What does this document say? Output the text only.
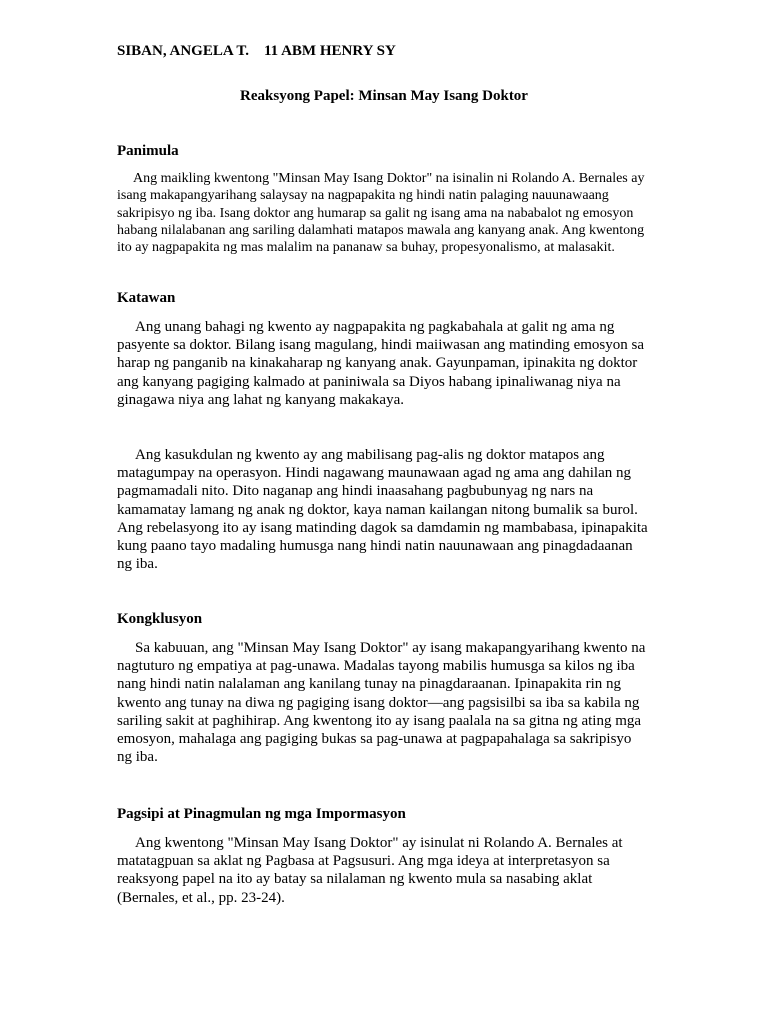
SIBAN, ANGELA T. 11 ABM HENRY SY
Reaksyong Papel: Minsan May Isang Doktor
Panimula
Ang maikling kwentong "Minsan May Isang Doktor" na isinalin ni Rolando A. Bernales ay isang makapangyarihang salaysay na nagpapakita ng hindi natin palaging nauunawaang sakripisyo ng iba. Isang doktor ang humarap sa galit ng isang ama na nababalot ng emosyon habang nilalabanan ang sariling dalamhati matapos mawala ang kanyang anak. Ang kwentong ito ay nagpapakita ng mas malalim na pananaw sa buhay, propesyonalismo, at malasakit.
Katawan
Ang unang bahagi ng kwento ay nagpapakita ng pagkabahala at galit ng ama ng pasyente sa doktor. Bilang isang magulang, hindi maiiwasan ang matinding emosyon sa harap ng panganib na kinakaharap ng kanyang anak. Gayunpaman, ipinakita ng doktor ang kanyang pagiging kalmado at paniniwala sa Diyos habang ipinaliwanag niya na ginagawa niya ang lahat ng kanyang makakaya.
Ang kasukdulan ng kwento ay ang mabilisang pag-alis ng doktor matapos ang matagumpay na operasyon. Hindi nagawang maunawaan agad ng ama ang dahilan ng pagmamadali nito. Dito naganap ang hindi inaasahang pagbubunyag ng nars na kamamatay lamang ng anak ng doktor, kaya naman kailangan nitong bumalik sa burol. Ang rebelasyong ito ay isang matinding dagok sa damdamin ng mambabasa, ipinapakita kung paano tayo madaling humusga nang hindi natin nauunawaan ang pinagdadaanan ng iba.
Kongklusyon
Sa kabuuan, ang "Minsan May Isang Doktor" ay isang makapangyarihang kwento na nagtuturo ng empatiya at pag-unawa. Madalas tayong mabilis humusga sa kilos ng iba nang hindi natin nalalaman ang kanilang tunay na pinagdaraanan. Ipinapakita rin ng kwento ang tunay na diwa ng pagiging isang doktor—ang pagsisilbi sa iba sa kabila ng sariling sakit at paghihirap. Ang kwentong ito ay isang paalala na sa gitna ng ating mga emosyon, mahalaga ang pagiging bukas sa pag-unawa at pagpapahalaga sa sakripisyo ng iba.
Pagsipi at Pinagmulan ng mga Impormasyon
Ang kwentong "Minsan May Isang Doktor" ay isinulat ni Rolando A. Bernales at matatagpuan sa aklat ng Pagbasa at Pagsusuri. Ang mga ideya at interpretasyon sa reaksyong papel na ito ay batay sa nilalaman ng kwento mula sa nasabing aklat (Bernales, et al., pp. 23-24).
